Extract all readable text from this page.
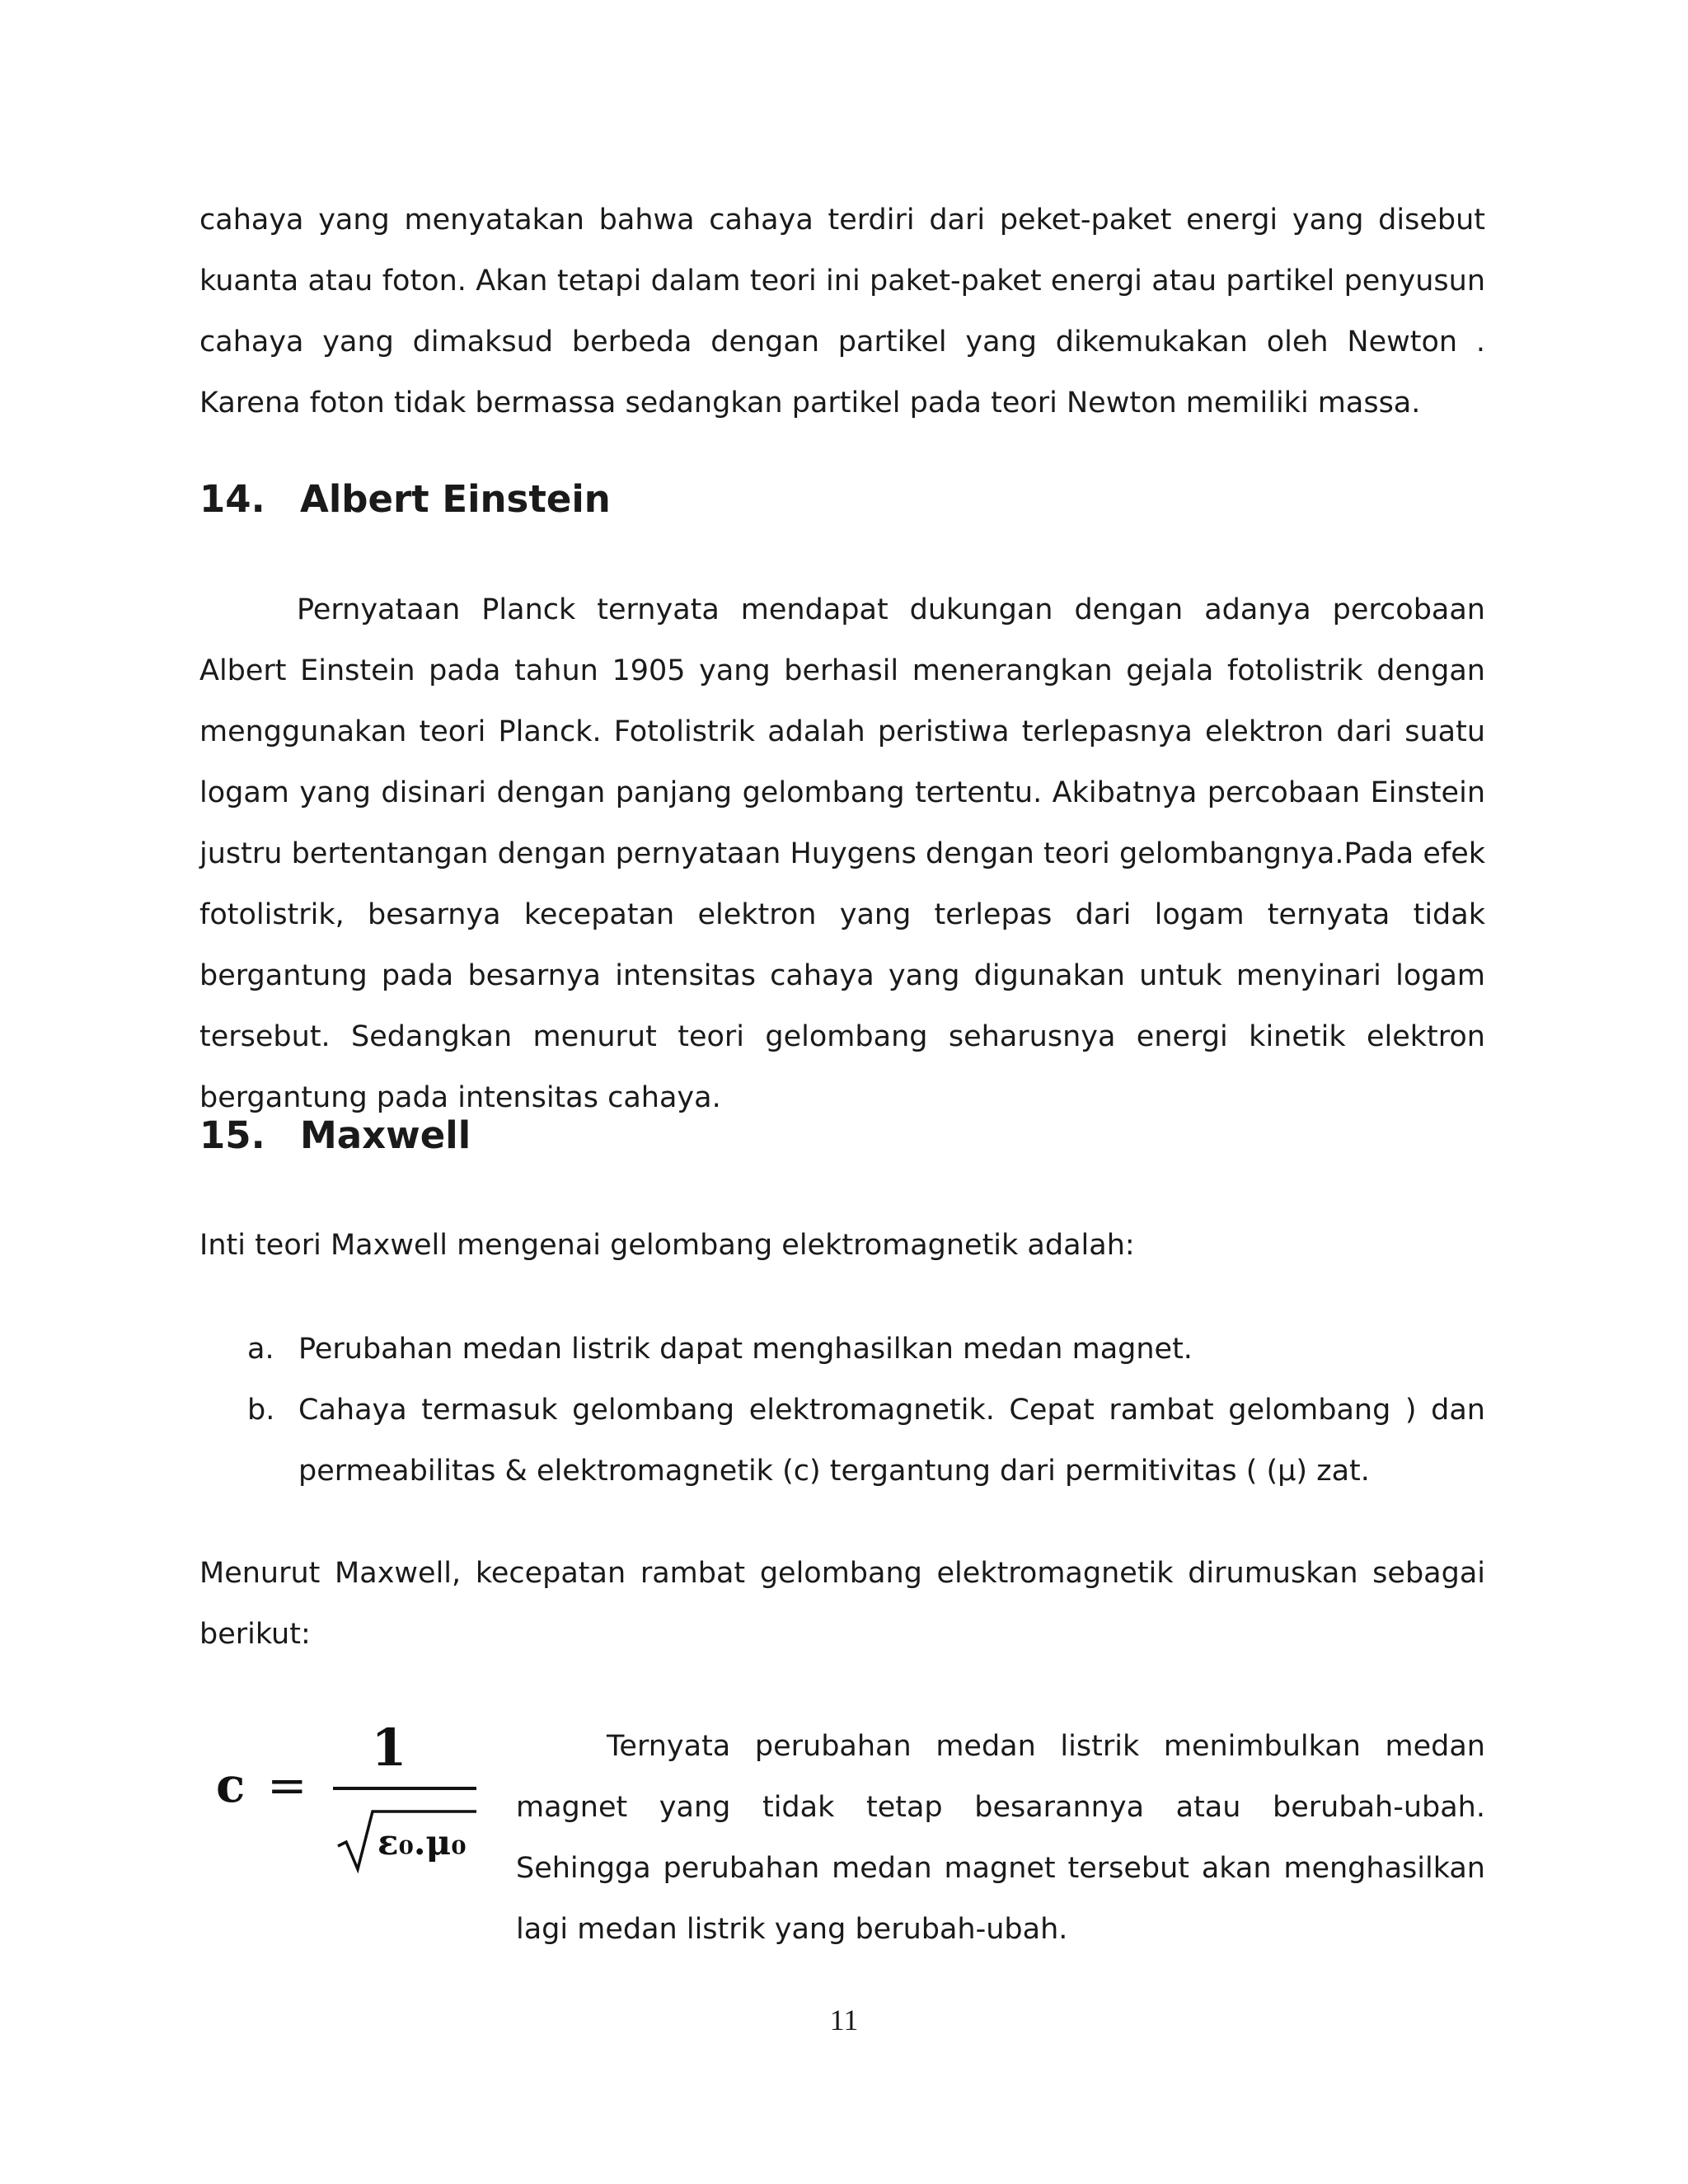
cahaya yang menyatakan bahwa cahaya terdiri dari peket-paket energi yang disebut kuanta atau foton. Akan tetapi dalam teori ini paket-paket energi atau partikel penyusun cahaya yang dimaksud berbeda dengan partikel yang dikemukakan oleh Newton . Karena foton tidak bermassa sedangkan partikel pada teori Newton memiliki massa.

14. Albert Einstein

Pernyataan Planck ternyata mendapat dukungan dengan adanya percobaan Albert Einstein pada tahun 1905 yang berhasil menerangkan gejala fotolistrik dengan menggunakan teori Planck. Fotolistrik adalah peristiwa terlepasnya elektron dari suatu logam yang disinari dengan panjang gelombang tertentu. Akibatnya percobaan Einstein justru bertentangan dengan pernyataan Huygens dengan teori gelombangnya.Pada efek fotolistrik, besarnya kecepatan elektron yang terlepas dari logam ternyata tidak bergantung pada besarnya intensitas cahaya yang digunakan untuk menyinari logam tersebut. Sedangkan menurut teori gelombang seharusnya energi kinetik elektron bergantung pada intensitas cahaya.

15. Maxwell

Inti teori Maxwell mengenai gelombang elektromagnetik adalah:

a. Perubahan medan listrik dapat menghasilkan medan magnet.
b. Cahaya termasuk gelombang elektromagnetik. Cepat rambat gelombang ) dan permeabilitas & elektromagnetik (c) tergantung dari permitivitas ( (μ) zat.

Menurut Maxwell, kecepatan rambat gelombang elektromagnetik dirumuskan sebagai berikut:

c =
1
ε₀.μ₀

Ternyata perubahan medan listrik menimbulkan medan magnet yang tidak tetap besarannya atau berubah-ubah. Sehingga perubahan medan magnet tersebut akan menghasilkan lagi medan listrik yang berubah-ubah.

11
